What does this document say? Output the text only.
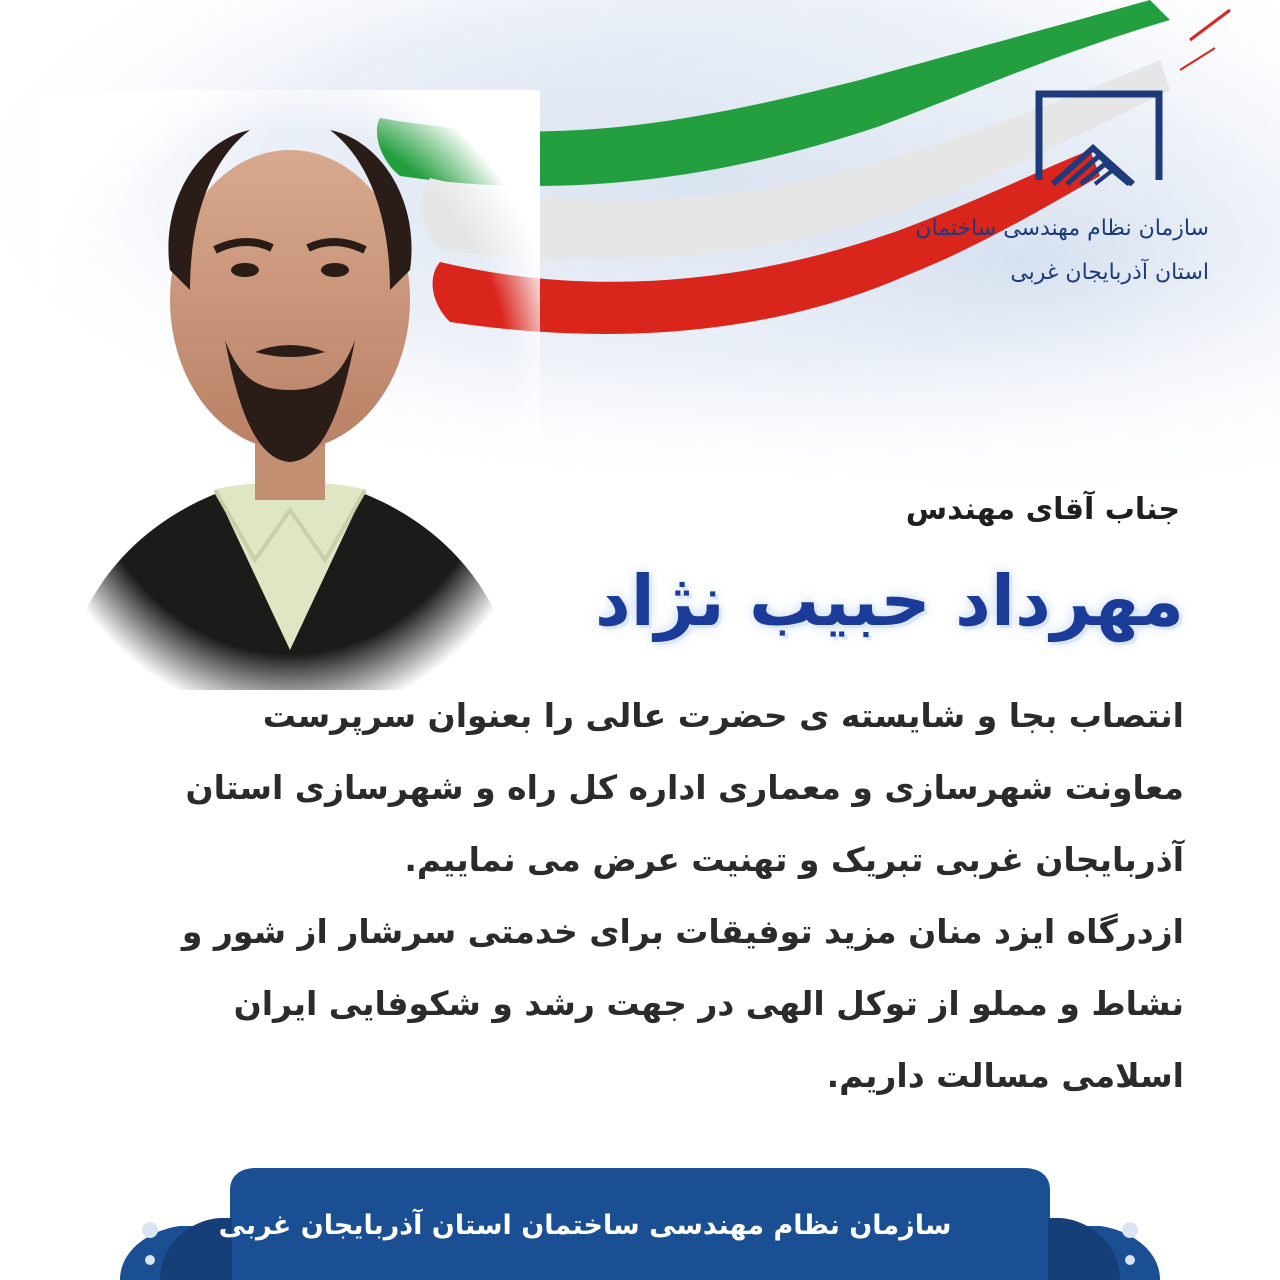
سازمان نظام مهندسی ساختمان
استان آذربایجان غربی
جناب آقای مهندس
مهرداد حبیب نژاد
انتصاب بجا و شایسته ی حضرت عالی را بعنوان سرپرست
معاونت شهرسازی و معماری اداره کل راه و شهرسازی استان
آذربایجان غربی تبریک و تهنیت عرض می نماییم.
ازدرگاه ایزد منان مزید توفیقات برای خدمتی سرشار از شور و
نشاط و مملو از توکل الهی در جهت رشد و شکوفایی ایران
اسلامی مسالت داریم.
سازمان نظام مهندسی ساختمان استان آذربایجان غربی
